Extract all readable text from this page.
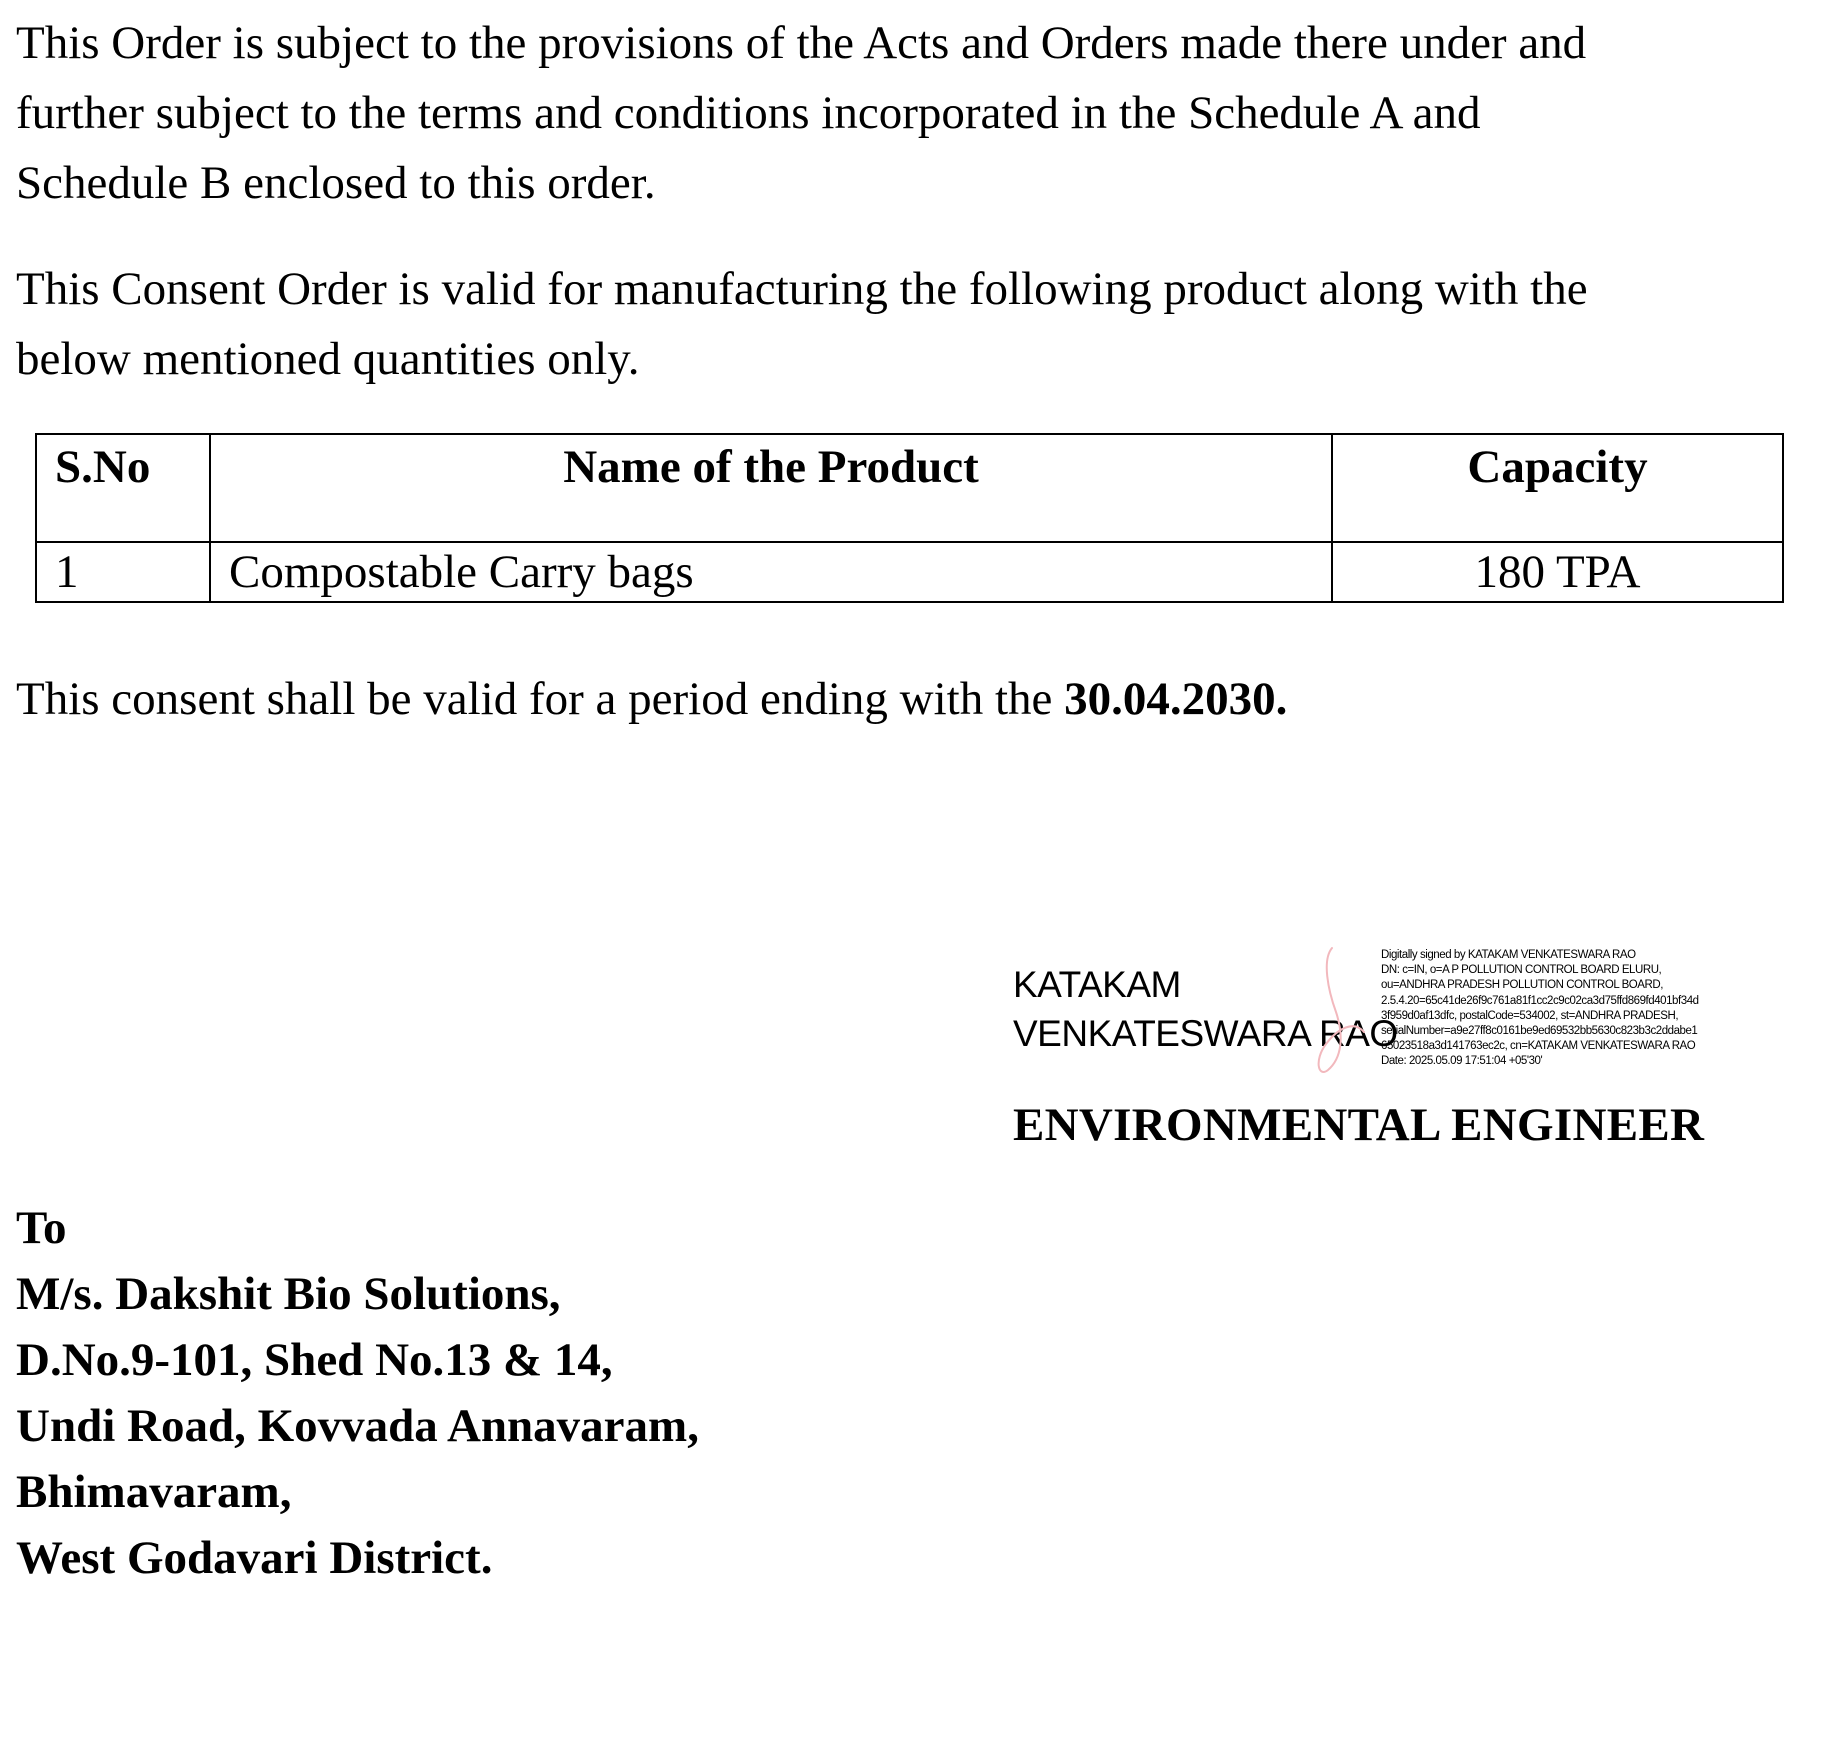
This Order is subject to the provisions of the Acts and Orders made there under and
further subject to the terms and conditions incorporated in the Schedule A and
Schedule B enclosed to this order.
This Consent Order is valid for manufacturing the following product along with the
below mentioned quantities only.
S.No	Name of the Product	Capacity
1	Compostable Carry bags	180 TPA

This consent shall be valid for a period ending with the 30.04.2030.

KATAKAM
VENKATESWARA RAO
Digitally signed by KATAKAM VENKATESWARA RAO
DN: c=IN, o=A P POLLUTION CONTROL BOARD ELURU,
ou=ANDHRA PRADESH POLLUTION CONTROL BOARD,
2.5.4.20=65c41de26f9c761a81f1cc2c9c02ca3d75ffd869fd401bf34d
3f959d0af13dfc, postalCode=534002, st=ANDHRA PRADESH,
serialNumber=a9e27ff8c0161be9ed69532bb5630c823b3c2ddabe1
65023518a3d141763ec2c, cn=KATAKAM VENKATESWARA RAO
Date: 2025.05.09 17:51:04 +05'30'
ENVIRONMENTAL ENGINEER
To
M/s. Dakshit Bio Solutions,
D.No.9-101, Shed No.13 & 14,
Undi Road, Kovvada Annavaram,
Bhimavaram,
West Godavari District.
